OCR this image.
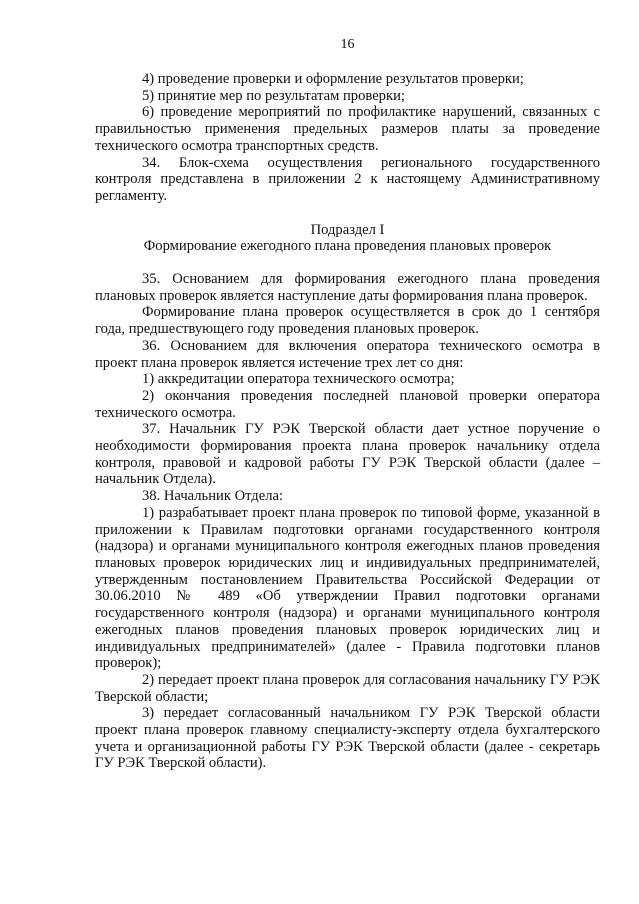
16

4) проведение проверки и оформление результатов проверки;

5) принятие мер по результатам проверки;

6) проведение мероприятий по профилактике нарушений, связанных с правильностью применения предельных размеров платы за проведение технического осмотра транспортных средств.

34. Блок-схема осуществления регионального государственного контроля представлена в приложении 2 к настоящему Административному регламенту.

Подраздел I

Формирование ежегодного плана проведения плановых проверок

35. Основанием для формирования ежегодного плана проведения плановых проверок является наступление даты формирования плана проверок.

Формирование плана проверок осуществляется в срок до 1 сентября года, предшествующего году проведения плановых проверок.

36. Основанием для включения оператора технического осмотра в проект плана проверок является истечение трех лет со дня:

1) аккредитации оператора технического осмотра;

2) окончания проведения последней плановой проверки оператора технического осмотра.

37. Начальник ГУ РЭК Тверской области дает устное поручение о необходимости формирования проекта плана проверок начальнику отдела контроля, правовой и кадровой работы ГУ РЭК Тверской области (далее – начальник Отдела).

38. Начальник Отдела:

1) разрабатывает проект плана проверок по типовой форме, указанной в приложении к Правилам подготовки органами государственного контроля (надзора) и органами муниципального контроля ежегодных планов проведения плановых проверок юридических лиц и индивидуальных предпринимателей, утвержденным постановлением Правительства Российской Федерации от 30.06.2010 № 489 «Об утверждении Правил подготовки органами государственного контроля (надзора) и органами муниципального контроля ежегодных планов проведения плановых проверок юридических лиц и индивидуальных предпринимателей» (далее - Правила подготовки планов проверок);

2) передает проект плана проверок для согласования начальнику ГУ РЭК Тверской области;

3) передает согласованный начальником ГУ РЭК Тверской области проект плана проверок главному специалисту-эксперту отдела бухгалтерского учета и организационной работы ГУ РЭК Тверской области (далее - секретарь ГУ РЭК Тверской области).
